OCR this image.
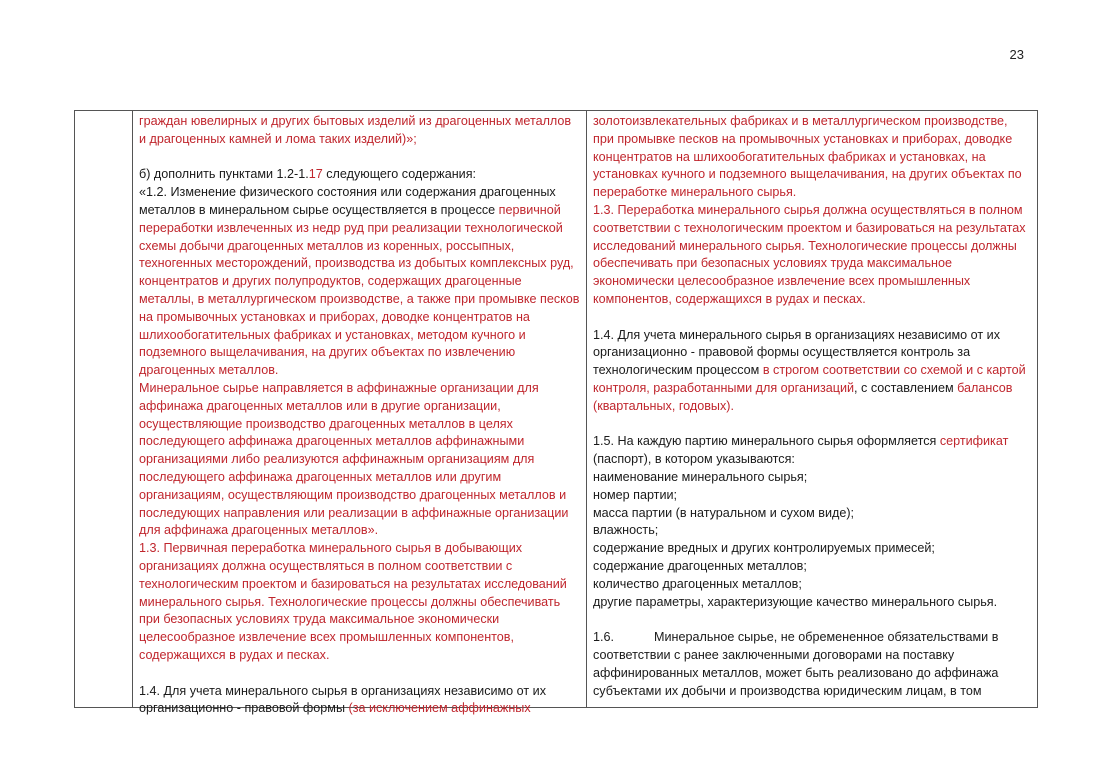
23

граждан ювелирных и других бытовых изделий из драгоценных металлов и драгоценных камней и лома таких изделий)»;

б) дополнить пунктами 1.2-1.17 следующего содержания:

«1.2. Изменение физического состояния или содержания драгоценных металлов в минеральном сырье осуществляется в процессе первичной переработки извлеченных из недр руд при реализации технологической схемы добычи драгоценных металлов из коренных, россыпных, техногенных месторождений, производства из добытых комплексных руд, концентратов и других полупродуктов, содержащих драгоценные металлы, в металлургическом производстве, а также при промывке песков на промывочных установках и приборах, доводке концентратов на шлихообогатительных фабриках и установках, методом кучного и подземного выщелачивания, на других объектах по извлечению драгоценных металлов.

Минеральное сырье направляется в аффинажные организации для аффинажа драгоценных металлов или в другие организации, осуществляющие производство драгоценных металлов в целях последующего аффинажа драгоценных металлов аффинажными организациями либо реализуются аффинажным организациям для последующего аффинажа драгоценных металлов или другим организациям, осуществляющим производство драгоценных металлов и последующих направления или реализации в аффинажные организации для аффинажа драгоценных металлов».

1.3. Первичная переработка минерального сырья в добывающих организациях должна осуществляться в полном соответствии с технологическим проектом и базироваться на результатах исследований минерального сырья. Технологические процессы должны обеспечивать при безопасных условиях труда максимальное экономически целесообразное извлечение всех промышленных компонентов, содержащихся в рудах и песках.

1.4. Для учета минерального сырья в организациях независимо от их организационно - правовой формы (за исключением аффинажных

золотоизвлекательных фабриках и в металлургическом производстве, при промывке песков на промывочных установках и приборах, доводке концентратов на шлихообогатительных фабриках и установках, на установках кучного и подземного выщелачивания, на других объектах по переработке минерального сырья.

1.3. Переработка минерального сырья должна осуществляться в полном соответствии с технологическим проектом и базироваться на результатах исследований минерального сырья. Технологические процессы должны обеспечивать при безопасных условиях труда максимальное экономически целесообразное извлечение всех промышленных компонентов, содержащихся в рудах и песках.

1.4. Для учета минерального сырья в организациях независимо от их организационно - правовой формы осуществляется контроль за технологическим процессом в строгом соответствии со схемой и с картой контроля, разработанными для организаций, с составлением балансов (квартальных, годовых).

1.5. На каждую партию минерального сырья оформляется сертификат (паспорт), в котором указываются:

наименование минерального сырья;

номер партии;

масса партии (в натуральном и сухом виде);

влажность;

содержание вредных и других контролируемых примесей;

содержание драгоценных металлов;

количество драгоценных металлов;

другие параметры, характеризующие качество минерального сырья.

1.6.	Минеральное сырье, не обремененное обязательствами в соответствии с ранее заключенными договорами на поставку аффинированных металлов, может быть реализовано до аффинажа субъектами их добычи и производства юридическим лицам, в том
